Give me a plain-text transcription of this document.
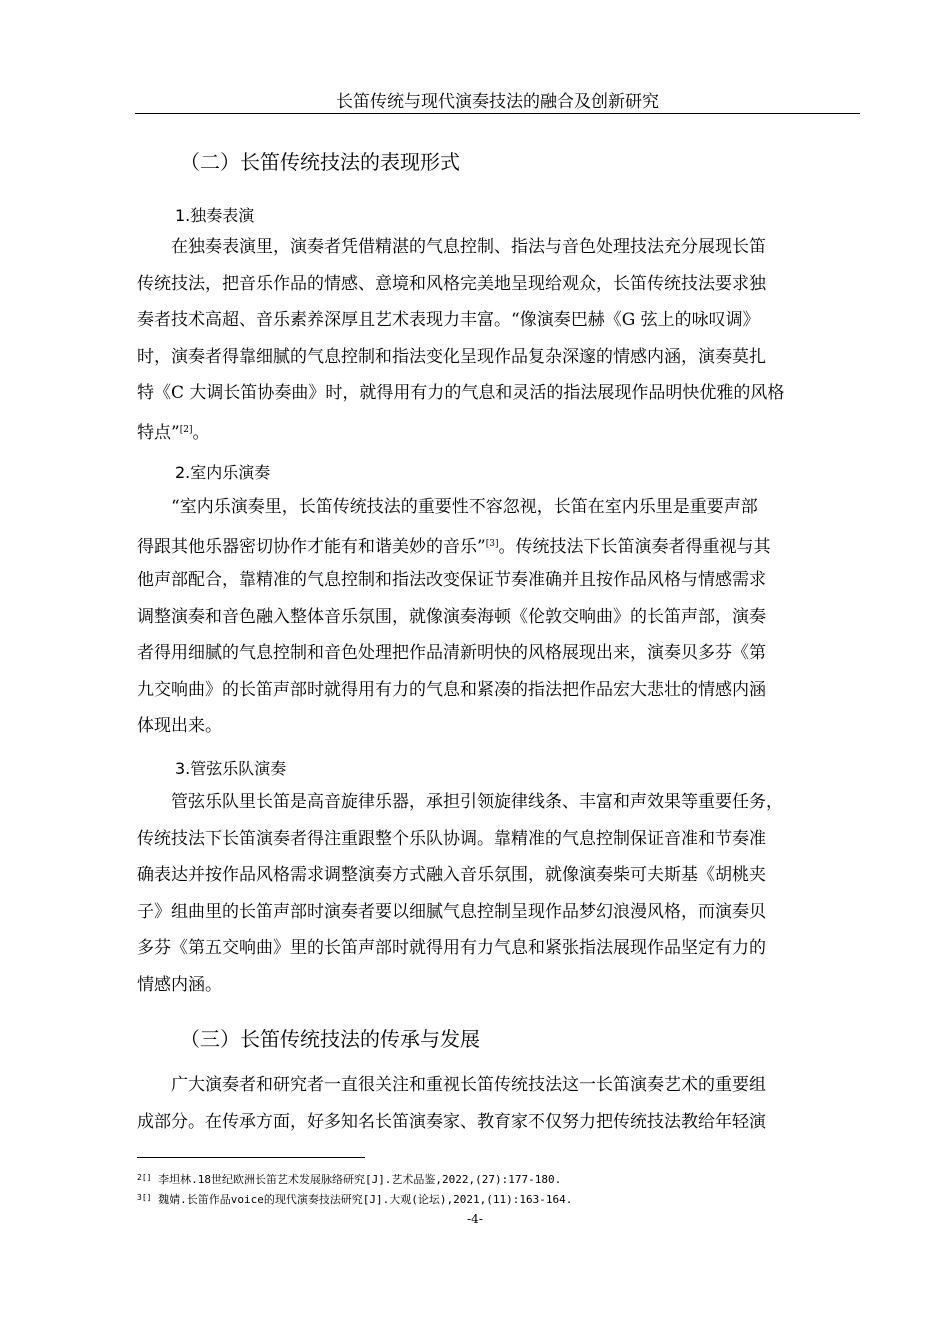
长笛传统与现代演奏技法的融合及创新研究
（二）长笛传统技法的表现形式
1.独奏表演
在独奏表演里，演奏者凭借精湛的气息控制、指法与音色处理技法充分展现长笛
传统技法，把音乐作品的情感、意境和风格完美地呈现给观众，长笛传统技法要求独
奏者技术高超、音乐素养深厚且艺术表现力丰富。“像演奏巴赫《G 弦上的咏叹调》
时，演奏者得靠细腻的气息控制和指法变化呈现作品复杂深邃的情感内涵，演奏莫扎
特《C 大调长笛协奏曲》时，就得用有力的气息和灵活的指法展现作品明快优雅的风格
特点”[2]。
2.室内乐演奏
“室内乐演奏里，长笛传统技法的重要性不容忽视，长笛在室内乐里是重要声部
得跟其他乐器密切协作才能有和谐美妙的音乐”[3]。传统技法下长笛演奏者得重视与其
他声部配合，靠精准的气息控制和指法改变保证节奏准确并且按作品风格与情感需求
调整演奏和音色融入整体音乐氛围，就像演奏海顿《伦敦交响曲》的长笛声部，演奏
者得用细腻的气息控制和音色处理把作品清新明快的风格展现出来，演奏贝多芬《第
九交响曲》的长笛声部时就得用有力的气息和紧凑的指法把作品宏大悲壮的情感内涵
体现出来。
3.管弦乐队演奏
管弦乐队里长笛是高音旋律乐器，承担引领旋律线条、丰富和声效果等重要任务，
传统技法下长笛演奏者得注重跟整个乐队协调。靠精准的气息控制保证音准和节奏准
确表达并按作品风格需求调整演奏方式融入音乐氛围，就像演奏柴可夫斯基《胡桃夹
子》组曲里的长笛声部时演奏者要以细腻气息控制呈现作品梦幻浪漫风格，而演奏贝
多芬《第五交响曲》里的长笛声部时就得用有力气息和紧张指法展现作品坚定有力的
情感内涵。
（三）长笛传统技法的传承与发展
广大演奏者和研究者一直很关注和重视长笛传统技法这一长笛演奏艺术的重要组
成部分。在传承方面，好多知名长笛演奏家、教育家不仅努力把传统技法教给年轻演
$^{2[]}$ 李坦林.18世纪欧洲长笛艺术发展脉络研究[J].艺术品鉴,2022,(27):177-180.
$^{3[]}$ 魏婧.长笛作品voice的现代演奏技法研究[J].大观(论坛),2021,(11):163-164.
-4-
